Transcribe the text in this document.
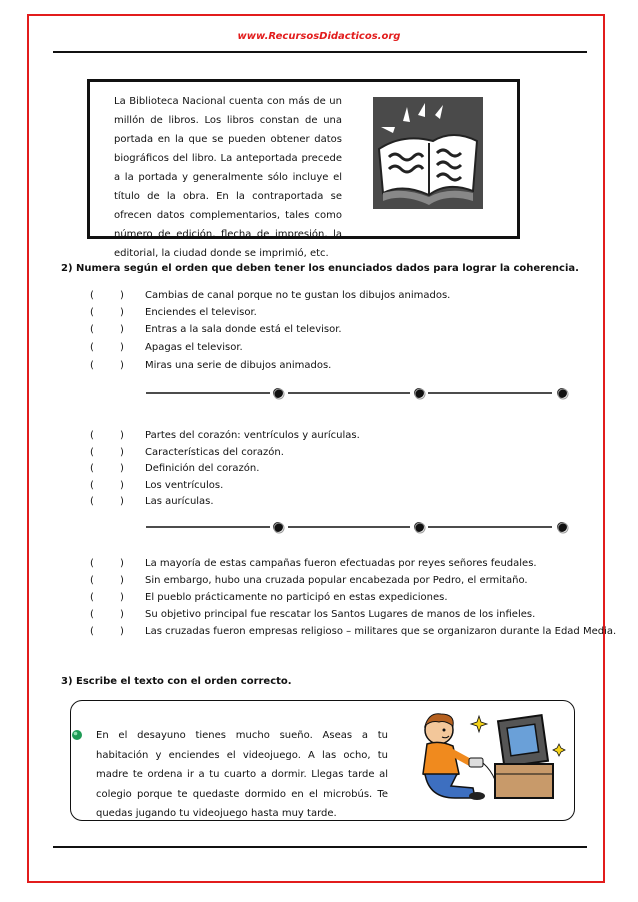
www.RecursosDidacticos.org
La Biblioteca Nacional cuenta con más de un millón de libros. Los libros constan de una portada en la que se pueden obtener datos biográficos del libro. La anteportada precede a la portada y generalmente sólo incluye el título de la obra. En la contraportada se ofrecen datos complementarios, tales como número de edición, flecha de impresión, la editorial, la ciudad donde se imprimió, etc.
2) Numera según el orden que deben tener los enunciados dados para lograr la coherencia.
(	) Cambias de canal porque no te gustan los dibujos animados.
(	) Enciendes el televisor.
(	) Entras a la sala donde está el televisor.
(	) Apagas el televisor.
(	) Miras una serie de dibujos animados.
(	) Partes del corazón: ventrículos y aurículas.
(	) Características del corazón.
(	) Definición del corazón.
(	) Los ventrículos.
(	) Las aurículas.
(	) La mayoría de estas campañas fueron efectuadas por reyes señores feudales.
(	) Sin embargo, hubo una cruzada popular encabezada por Pedro, el ermitaño.
(	) El pueblo prácticamente no participó en estas expediciones.
(	) Su objetivo principal fue rescatar los Santos Lugares de manos de los infieles.
(	) Las cruzadas fueron empresas religioso – militares que se organizaron durante la Edad Media.
3) Escribe el texto con el orden correcto.
En el desayuno tienes mucho sueño. Aseas a tu habitación y enciendes el videojuego. A las ocho, tu madre te ordena ir a tu cuarto a dormir. Llegas tarde al colegio porque te quedaste dormido en el microbús. Te quedas jugando tu videojuego hasta muy tarde.
